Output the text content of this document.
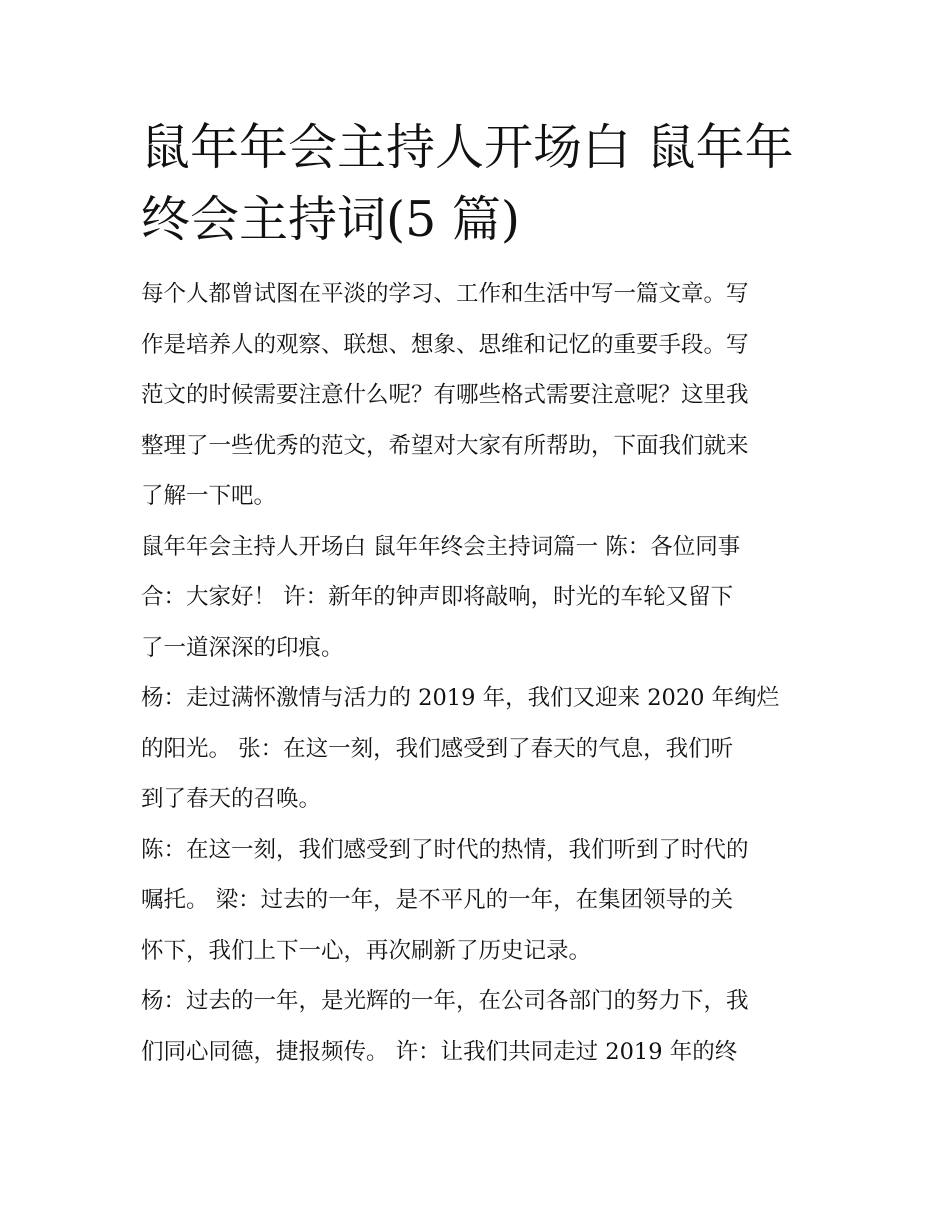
鼠年年会主持人开场白 鼠年年
终会主持词(5 篇)

每个人都曾试图在平淡的学习、工作和生活中写一篇文章。写
作是培养人的观察、联想、想象、思维和记忆的重要手段。写
范文的时候需要注意什么呢？有哪些格式需要注意呢？这里我
整理了一些优秀的范文，希望对大家有所帮助，下面我们就来
了解一下吧。

鼠年年会主持人开场白 鼠年年终会主持词篇一 陈：各位同事
合：大家好！ 许：新年的钟声即将敲响，时光的车轮又留下
了一道深深的印痕。

杨：走过满怀激情与活力的 2019 年，我们又迎来 2020 年绚烂
的阳光。 张：在这一刻，我们感受到了春天的气息，我们听
到了春天的召唤。

陈：在这一刻，我们感受到了时代的热情，我们听到了时代的
嘱托。 梁：过去的一年，是不平凡的一年，在集团领导的关
怀下，我们上下一心，再次刷新了历史记录。

杨：过去的一年，是光辉的一年，在公司各部门的努力下，我
们同心同德，捷报频传。 许：让我们共同走过 2019 年的终
